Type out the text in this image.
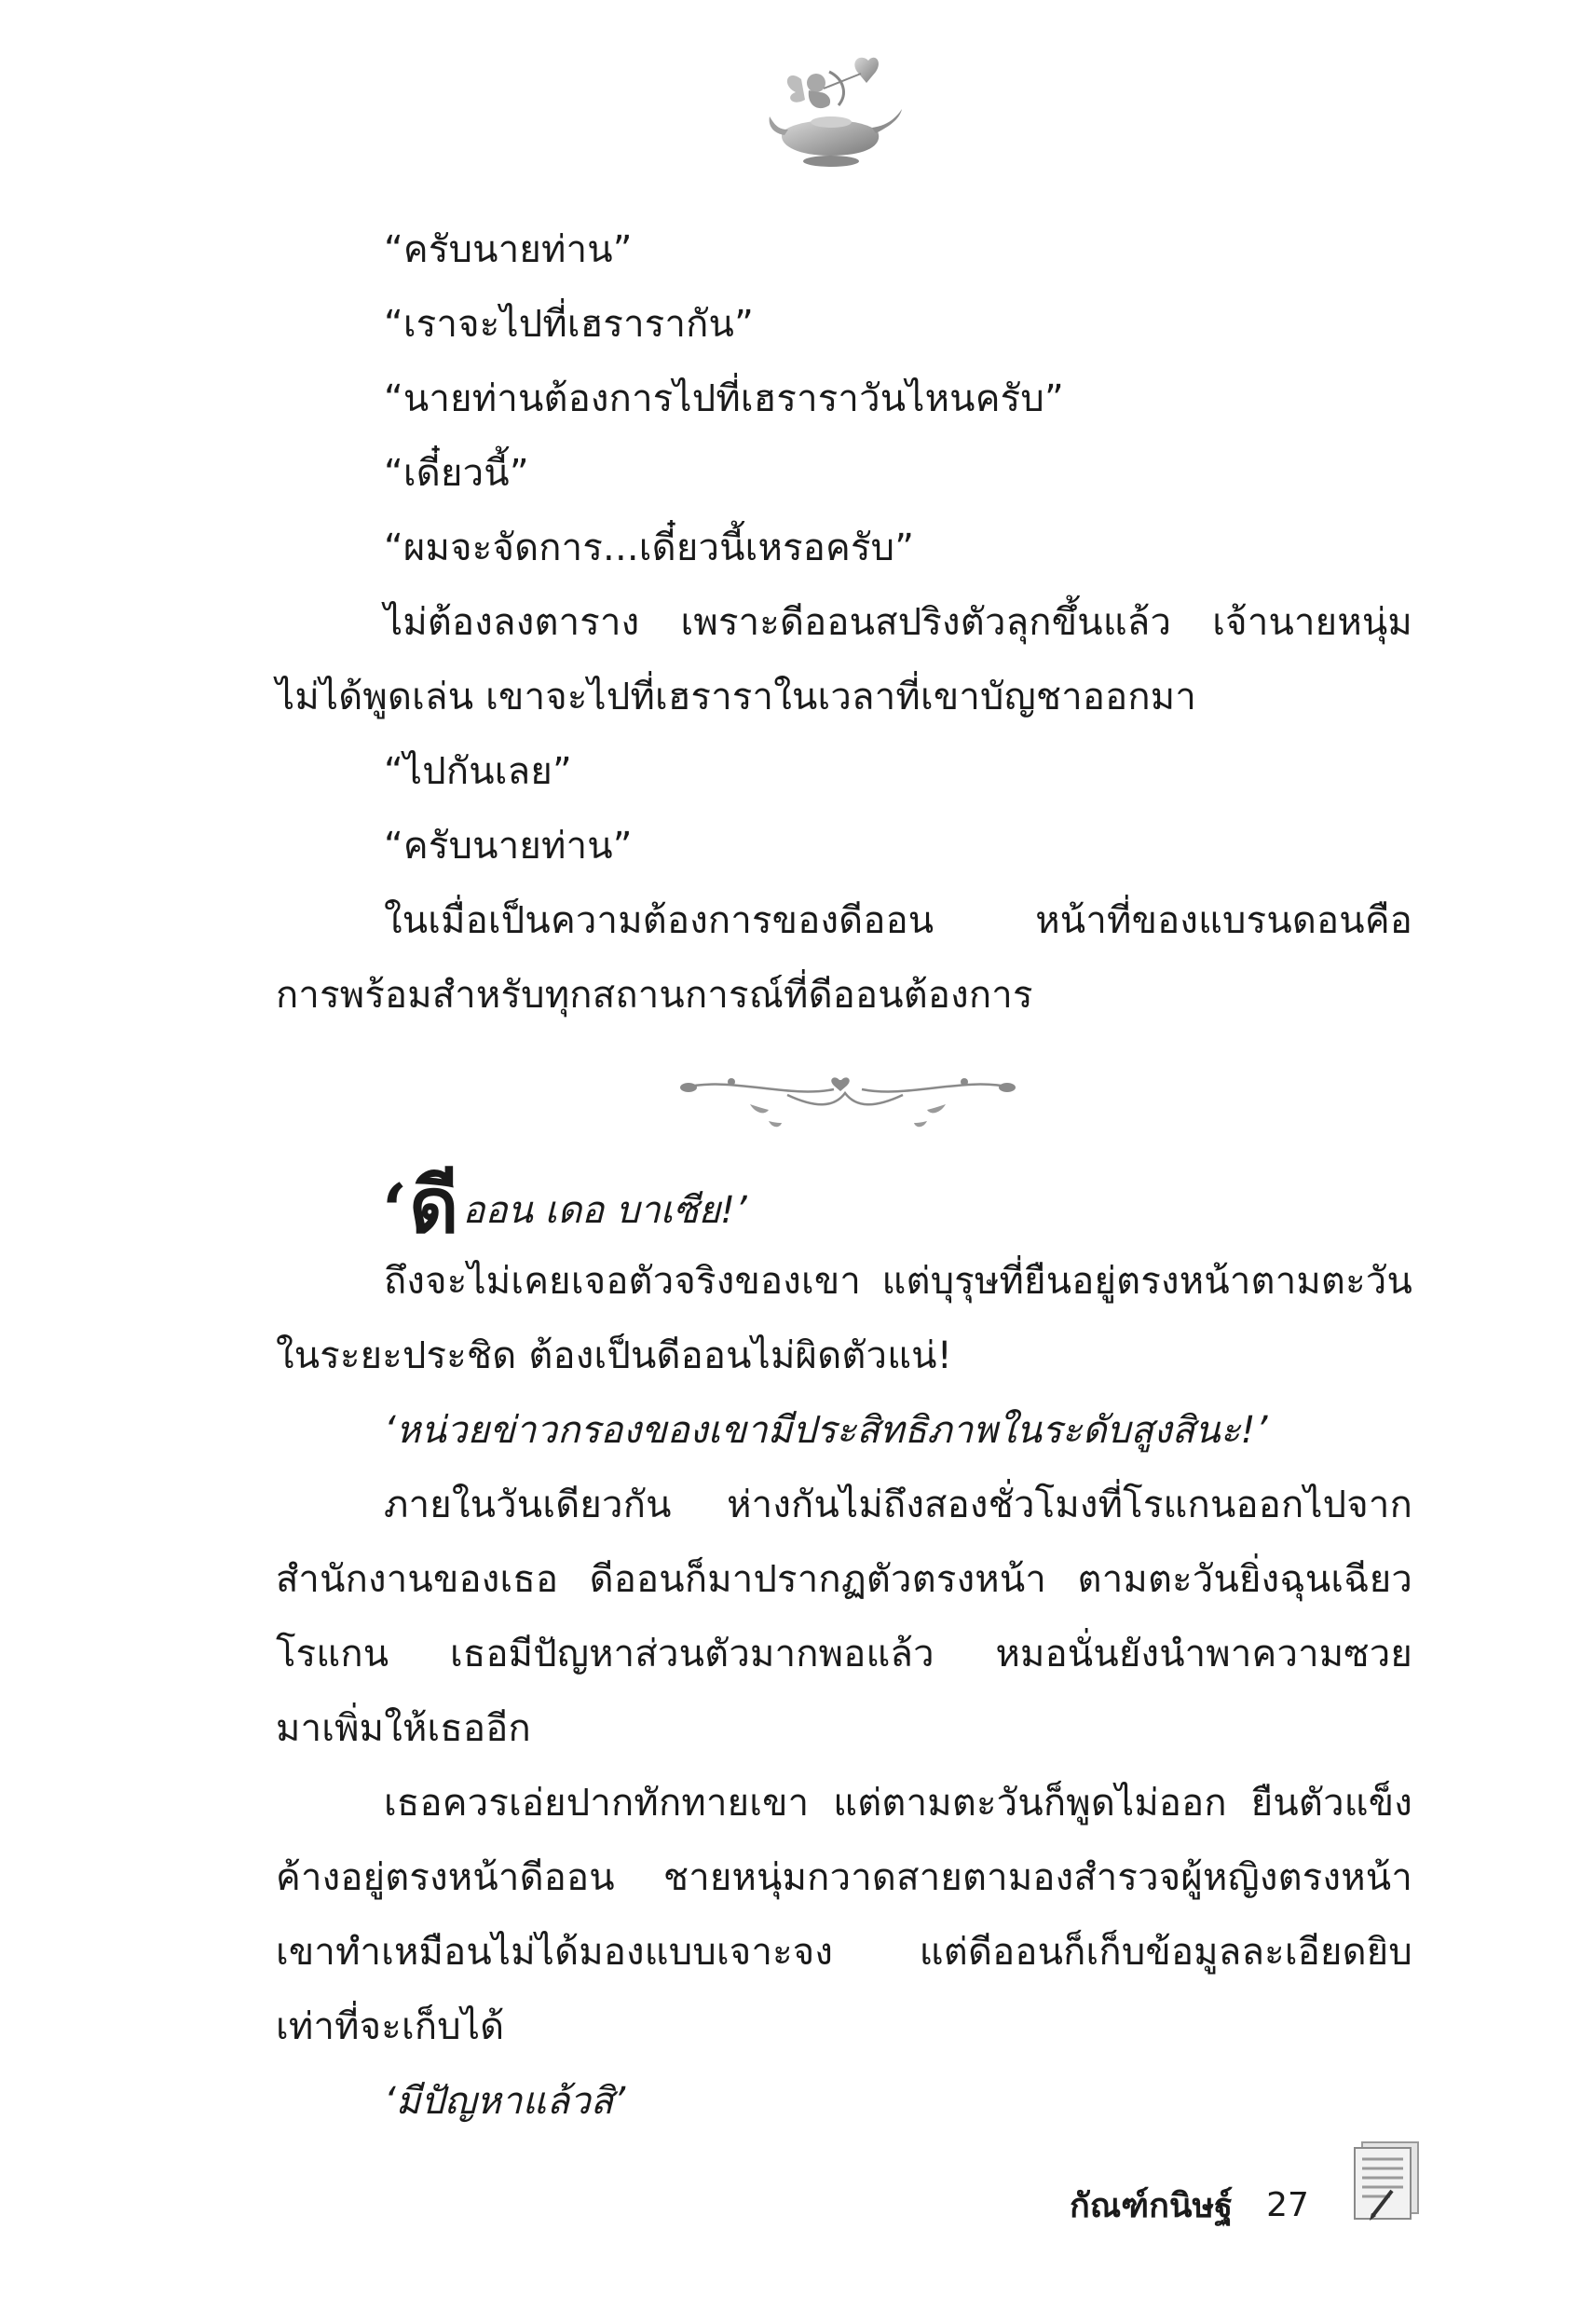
“ครับนายท่าน”
“เราจะไปที่เฮรารากัน”
“นายท่านต้องการไปที่เฮราราวันไหนครับ”
“เดี๋ยวนี้”
“ผมจะจัดการ...เดี๋ยวนี้เหรอครับ”
ไม่ต้องลงตาราง เพราะดีออนสปริงตัวลุกขึ้นแล้ว เจ้านายหนุ่ม
ไม่ได้พูดเล่น เขาจะไปที่เฮราราในเวลาที่เขาบัญชาออกมา
“ไปกันเลย”
“ครับนายท่าน”
ในเมื่อเป็นความต้องการของดีออน หน้าที่ของแบรนดอนคือ
การพร้อมสำหรับทุกสถานการณ์ที่ดีออนต้องการ
‘ ดี ออน เดอ บาเซีย!’
ถึงจะไม่เคยเจอตัวจริงของเขา แต่บุรุษที่ยืนอยู่ตรงหน้าตามตะวัน
ในระยะประชิด ต้องเป็นดีออนไม่ผิดตัวแน่!
‘หน่วยข่าวกรองของเขามีประสิทธิภาพในระดับสูงสินะ!’
ภายในวันเดียวกัน ห่างกันไม่ถึงสองชั่วโมงที่โรแกนออกไปจาก
สำนักงานของเธอ ดีออนก็มาปรากฏตัวตรงหน้า ตามตะวันยิ่งฉุนเฉียว
โรแกน เธอมีปัญหาส่วนตัวมากพอแล้ว หมอนั่นยังนำพาความซวย
มาเพิ่มให้เธออีก
เธอควรเอ่ยปากทักทายเขา แต่ตามตะวันก็พูดไม่ออก ยืนตัวแข็ง
ค้างอยู่ตรงหน้าดีออน ชายหนุ่มกวาดสายตามองสำรวจผู้หญิงตรงหน้า
เขาทำเหมือนไม่ได้มองแบบเจาะจง แต่ดีออนก็เก็บข้อมูลละเอียดยิบ
เท่าที่จะเก็บได้
‘มีปัญหาแล้วสิ’
กัณฑ์กนิษฐ์ 27
